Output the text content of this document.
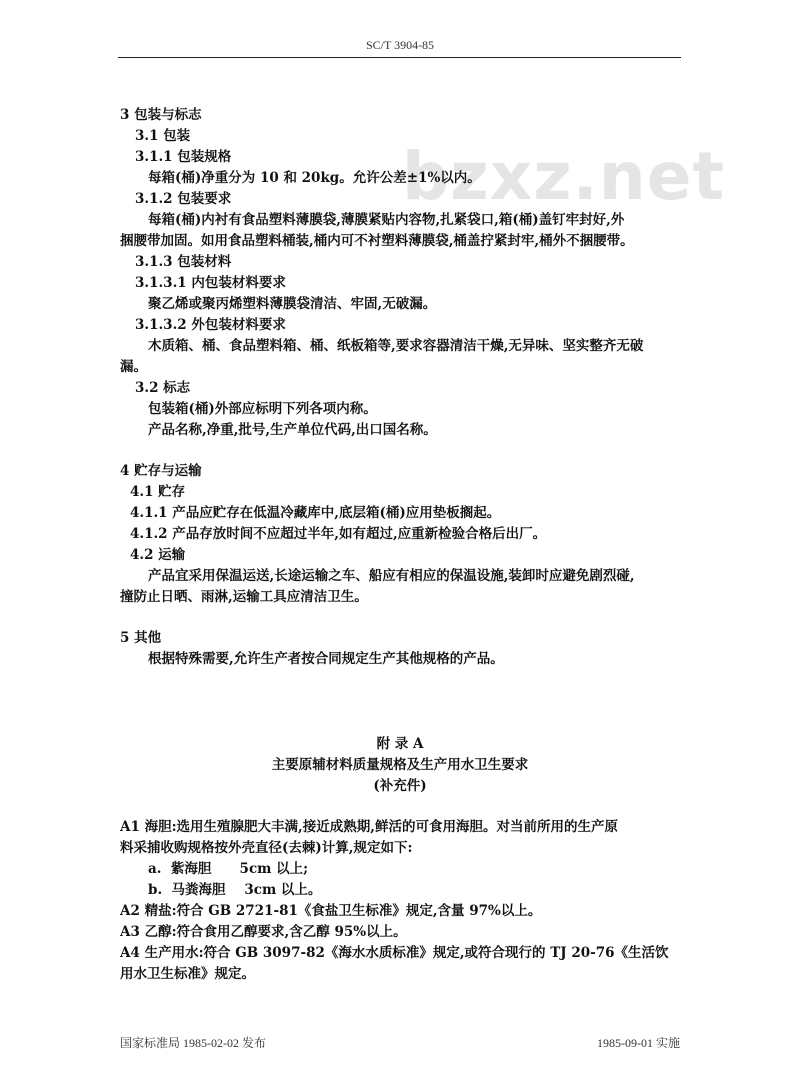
SC/T 3904-85
bzxz.net
3 包装与标志
3.1 包装
3.1.1 包装规格
每箱(桶)净重分为 10 和 20kg。允许公差±1%以内。
3.1.2 包装要求
每箱(桶)内衬有食品塑料薄膜袋,薄膜紧贴内容物,扎紧袋口,箱(桶)盖钉牢封好,外
捆腰带加固。如用食品塑料桶装,桶内可不衬塑料薄膜袋,桶盖拧紧封牢,桶外不捆腰带。
3.1.3 包装材料
3.1.3.1 内包装材料要求
聚乙烯或聚丙烯塑料薄膜袋清洁、牢固,无破漏。
3.1.3.2 外包装材料要求
木质箱、桶、食品塑料箱、桶、纸板箱等,要求容器清洁干燥,无异味、坚实整齐无破
漏。
3.2 标志
包装箱(桶)外部应标明下列各项内称。
产品名称,净重,批号,生产单位代码,出口国名称。
4 贮存与运输
4.1 贮存
4.1.1 产品应贮存在低温冷藏库中,底层箱(桶)应用垫板搁起。
4.1.2 产品存放时间不应超过半年,如有超过,应重新检验合格后出厂。
4.2 运输
产品宜采用保温运送,长途运输之车、船应有相应的保温设施,装卸时应避免剧烈碰,
撞防止日晒、雨淋,运输工具应清洁卫生。
5 其他
根据特殊需要,允许生产者按合同规定生产其他规格的产品。
附 录 A
主要原辅材料质量规格及生产用水卫生要求
(补充件)
A1 海胆:选用生殖腺肥大丰满,接近成熟期,鲜活的可食用海胆。对当前所用的生产原
料采捕收购规格按外壳直径(去棘)计算,规定如下:
a.  紫海胆      5cm 以上;
b.  马粪海胆    3cm 以上。
A2 精盐:符合 GB 2721-81《食盐卫生标准》规定,含量 97%以上。
A3 乙醇:符合食用乙醇要求,含乙醇 95%以上。
A4 生产用水:符合 GB 3097-82《海水水质标准》规定,或符合现行的 TJ 20-76《生活饮
用水卫生标准》规定。
国家标准局 1985-02-02 发布	1985-09-01 实施
